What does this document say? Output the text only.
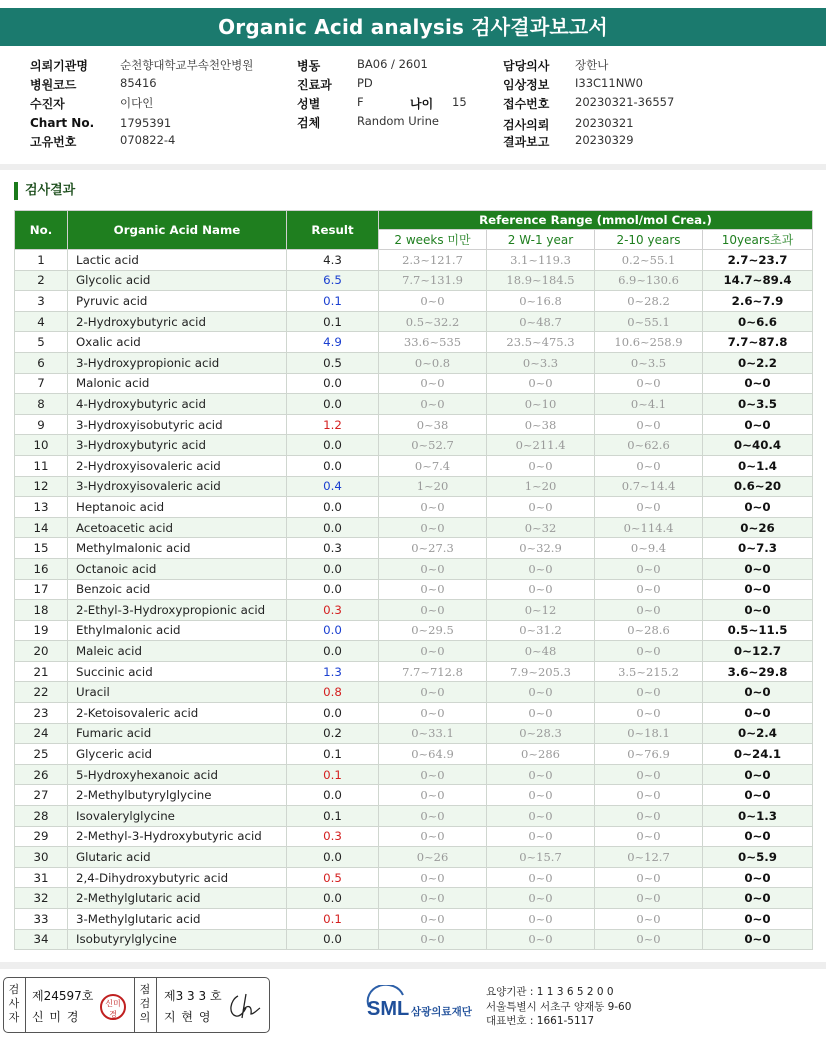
Organic Acid analysis 검사결과보고서
의뢰기관명	순천향대학교부속천안병원
병원코드	85416
수진자	이다인
Chart No. 1795391
고유번호	070822-4
병동	BA06 / 2601
진료과 PD
성별	F	나이 15
검체	Random Urine
담당의사 장한나
임상정보 I33C11NW0
접수번호 20230321-36557
검사의뢰 20230321
결과보고 20230329
검사결과
No.	Organic Acid Name	Result	Reference Range (mmol/mol Crea.)			
			2 weeks 미만	2 W-1 year	2-10 years	10years초과
1	Lactic acid	4.3	2.3~121.7	3.1~119.3	0.2~55.1	2.7~23.7
2	Glycolic acid	6.5	7.7~131.9	18.9~184.5	6.9~130.6	14.7~89.4
3	Pyruvic acid	0.1	0~0	0~16.8	0~28.2	2.6~7.9
4	2-Hydroxybutyric acid	0.1	0.5~32.2	0~48.7	0~55.1	0~6.6
5	Oxalic acid	4.9	33.6~535	23.5~475.3	10.6~258.9	7.7~87.8
6	3-Hydroxypropionic acid	0.5	0~0.8	0~3.3	0~3.5	0~2.2
7	Malonic acid	0.0	0~0	0~0	0~0	0~0
8	4-Hydroxybutyric acid	0.0	0~0	0~10	0~4.1	0~3.5
9	3-Hydroxyisobutyric acid	1.2	0~38	0~38	0~0	0~0
10	3-Hydroxybutyric acid	0.0	0~52.7	0~211.4	0~62.6	0~40.4
11	2-Hydroxyisovaleric acid	0.0	0~7.4	0~0	0~0	0~1.4
12	3-Hydroxyisovaleric acid	0.4	1~20	1~20	0.7~14.4	0.6~20
13	Heptanoic acid	0.0	0~0	0~0	0~0	0~0
14	Acetoacetic acid	0.0	0~0	0~32	0~114.4	0~26
15	Methylmalonic acid	0.3	0~27.3	0~32.9	0~9.4	0~7.3
16	Octanoic acid	0.0	0~0	0~0	0~0	0~0
17	Benzoic acid	0.0	0~0	0~0	0~0	0~0
18	2-Ethyl-3-Hydroxypropionic acid	0.3	0~0	0~12	0~0	0~0
19	Ethylmalonic acid	0.0	0~29.5	0~31.2	0~28.6	0.5~11.5
20	Maleic acid	0.0	0~0	0~48	0~0	0~12.7
21	Succinic acid	1.3	7.7~712.8	7.9~205.3	3.5~215.2	3.6~29.8
22	Uracil	0.8	0~0	0~0	0~0	0~0
23	2-Ketoisovaleric acid	0.0	0~0	0~0	0~0	0~0
24	Fumaric acid	0.2	0~33.1	0~28.3	0~18.1	0~2.4
25	Glyceric acid	0.1	0~64.9	0~286	0~76.9	0~24.1
26	5-Hydroxyhexanoic acid	0.1	0~0	0~0	0~0	0~0
27	2-Methylbutyrylglycine	0.0	0~0	0~0	0~0	0~0
28	Isovalerylglycine	0.1	0~0	0~0	0~0	0~1.3
29	2-Methyl-3-Hydroxybutyric acid	0.3	0~0	0~0	0~0	0~0
30	Glutaric acid	0.0	0~26	0~15.7	0~12.7	0~5.9
31	2,4-Dihydroxybutyric acid	0.5	0~0	0~0	0~0	0~0
32	2-Methylglutaric acid	0.0	0~0	0~0	0~0	0~0
33	3-Methylglutaric acid	0.1	0~0	0~0	0~0	0~0
34	Isobutyrylglycine	0.0	0~0	0~0	0~0	0~0
검
사
자
제24597호
신 미 경
신미경
점
검
의
제3 3 3 호
지 현 영	SML 삼광의료재단
요양기관 : 1 1 3 6 5 2 0 0
서울특별시 서초구 양재동 9-60
대표번호 : 1661-5117
